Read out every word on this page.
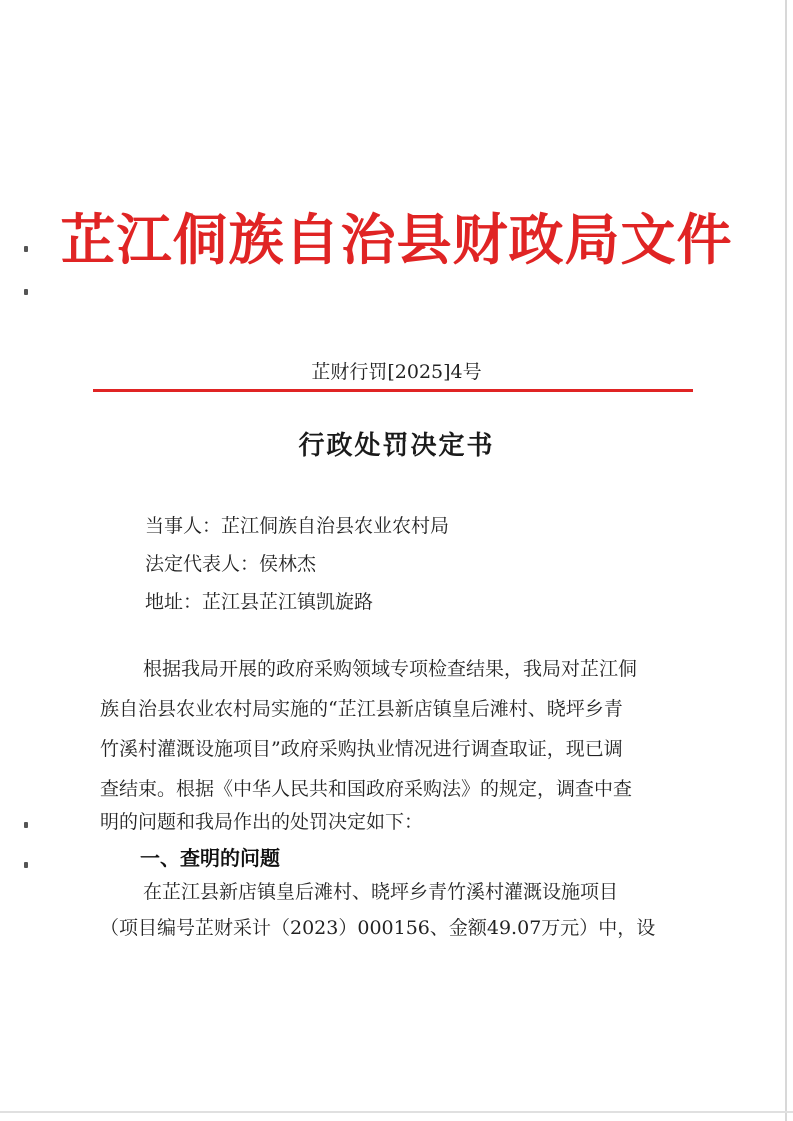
芷江侗族自治县财政局文件
芷财行罚[2025]4号
行政处罚决定书
当事人：芷江侗族自治县农业农村局
法定代表人：侯林杰
地址：芷江县芷江镇凯旋路
根据我局开展的政府采购领域专项检查结果，我局对芷江侗
族自治县农业农村局实施的“芷江县新店镇皇后滩村、晓坪乡青
竹溪村灌溉设施项目”政府采购执业情况进行调查取证，现已调
查结束。根据《中华人民共和国政府采购法》的规定，调查中查
明的问题和我局作出的处罚决定如下：
一、查明的问题
在芷江县新店镇皇后滩村、晓坪乡青竹溪村灌溉设施项目
（项目编号芷财采计（2023）000156、金额49.07万元）中，设
